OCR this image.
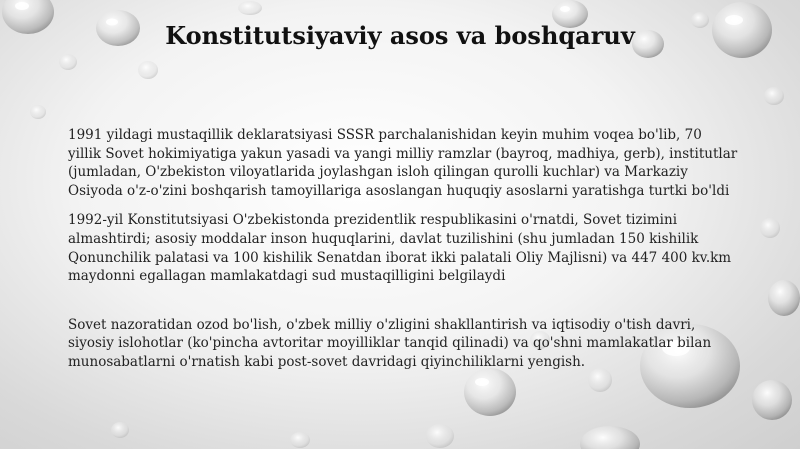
Konstitutsiyaviy asos va boshqaruv

1991 yildagi mustaqillik deklaratsiyasi SSSR parchalanishidan keyin muhim voqea bo'lib, 70 yillik Sovet hokimiyatiga yakun yasadi va yangi milliy ramzlar (bayroq, madhiya, gerb), institutlar (jumladan, O'zbekiston viloyatlarida joylashgan isloh qilingan qurolli kuchlar) va Markaziy Osiyoda o'z-o'zini boshqarish tamoyillariga asoslangan huquqiy asoslarni yaratishga turtki bo'ldi

1992-yil Konstitutsiyasi O'zbekistonda prezidentlik respublikasini o'rnatdi, Sovet tizimini almashtirdi; asosiy moddalar inson huquqlarini, davlat tuzilishini (shu jumladan 150 kishilik Qonunchilik palatasi va 100 kishilik Senatdan iborat ikki palatali Oliy Majlisni) va 447 400 kv.km maydonni egallagan mamlakatdagi sud mustaqilligini belgilaydi

Sovet nazoratidan ozod bo'lish, o'zbek milliy o'zligini shakllantirish va iqtisodiy o'tish davri, siyosiy islohotlar (ko'pincha avtoritar moyilliklar tanqid qilinadi) va qo'shni mamlakatlar bilan munosabatlarni o'rnatish kabi post-sovet davridagi qiyinchiliklarni yengish.
